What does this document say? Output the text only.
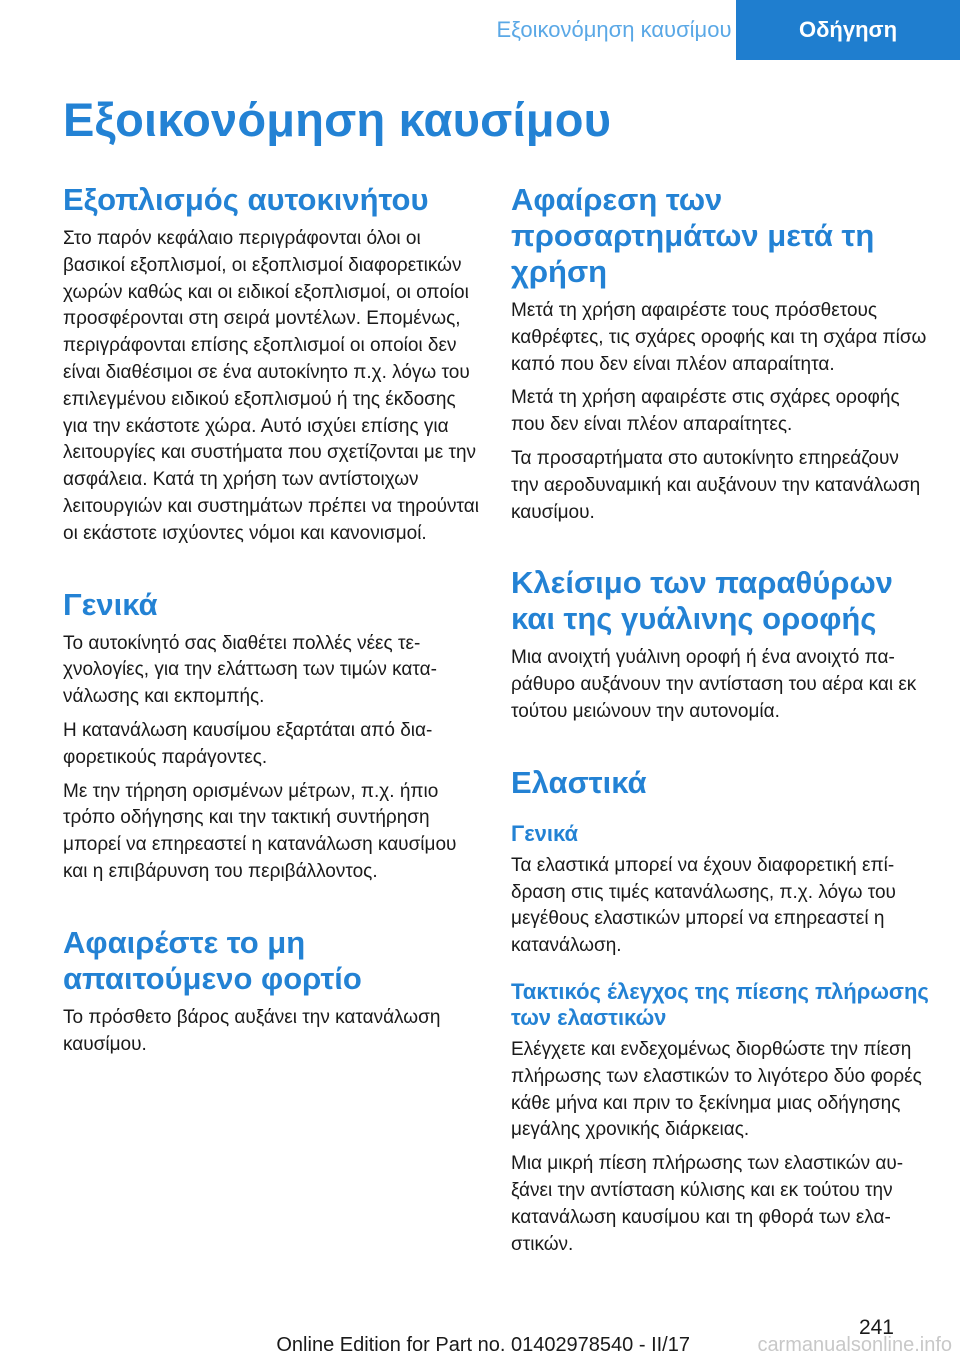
Εξοικονόμηση καυσίμου	Οδήγηση
Εξοικονόμηση καυσίμου
Εξοπλισμός αυτοκινήτου

Στο παρόν κεφάλαιο περιγράφονται όλοι οι βασικοί εξοπλισμοί, οι εξοπλισμοί διαφορετικών χωρών καθώς και οι ειδικοί εξοπλισμοί, οι οποίοι προσφέρονται στη σειρά μοντέλων. Επομένως, περιγράφονται επίσης εξοπλισμοί οι οποίοι δεν είναι διαθέσιμοι σε ένα αυτοκίνητο π.χ. λόγω του επιλεγμένου ειδικού εξοπλισμού ή της έκδοσης για την εκάστοτε χώρα. Αυτό ισχύει επίσης για λειτουργίες και συστήματα που σχετίζονται με την ασφάλεια. Κατά τη χρήση των αντίστοιχων λειτουργιών και συστημάτων πρέπει να τηρούνται οι εκάστοτε ισχύοντες νόμοι και κανονισμοί.

Γενικά

Το αυτοκίνητό σας διαθέτει πολλές νέες τεχνολογίες, για την ελάττωση των τιμών κατανάλωσης και εκπομπής.

Η κατανάλωση καυσίμου εξαρτάται από διαφορετικούς παράγοντες.

Με την τήρηση ορισμένων μέτρων, π.χ. ήπιο τρόπο οδήγησης και την τακτική συντήρηση μπορεί να επηρεαστεί η κατανάλωση καυσίμου και η επιβάρυνση του περιβάλλοντος.

Αφαιρέστε το μη απαιτούμενο φορτίο

Το πρόσθετο βάρος αυξάνει την κατανάλωση καυσίμου.

Αφαίρεση των προσαρτημάτων μετά τη χρήση

Μετά τη χρήση αφαιρέστε τους πρόσθετους καθρέφτες, τις σχάρες οροφής και τη σχάρα πίσω καπό που δεν είναι πλέον απαραίτητα.

Μετά τη χρήση αφαιρέστε στις σχάρες οροφής που δεν είναι πλέον απαραίτητες.

Τα προσαρτήματα στο αυτοκίνητο επηρεάζουν την αεροδυναμική και αυξάνουν την κατανάλωση καυσίμου.

Κλείσιμο των παραθύρων και της γυάλινης οροφής

Μια ανοιχτή γυάλινη οροφή ή ένα ανοιχτό παράθυρο αυξάνουν την αντίσταση του αέρα και εκ τούτου μειώνουν την αυτονομία.

Ελαστικά
Γενικά

Τα ελαστικά μπορεί να έχουν διαφορετική επίδραση στις τιμές κατανάλωσης, π.χ. λόγω του μεγέθους ελαστικών μπορεί να επηρεαστεί η κατανάλωση.

Τακτικός έλεγχος της πίεσης πλήρωσης των ελαστικών

Ελέγχετε και ενδεχομένως διορθώστε την πίεση πλήρωσης των ελαστικών το λιγότερο δύο φορές κάθε μήνα και πριν το ξεκίνημα μιας οδήγησης μεγάλης χρονικής διάρκειας.

Μια μικρή πίεση πλήρωσης των ελαστικών αυξάνει την αντίσταση κύλισης και εκ τούτου την κατανάλωση καυσίμου και τη φθορά των ελαστικών.

241
Online Edition for Part no. 01402978540 - II/17	carmanualsonline.info
